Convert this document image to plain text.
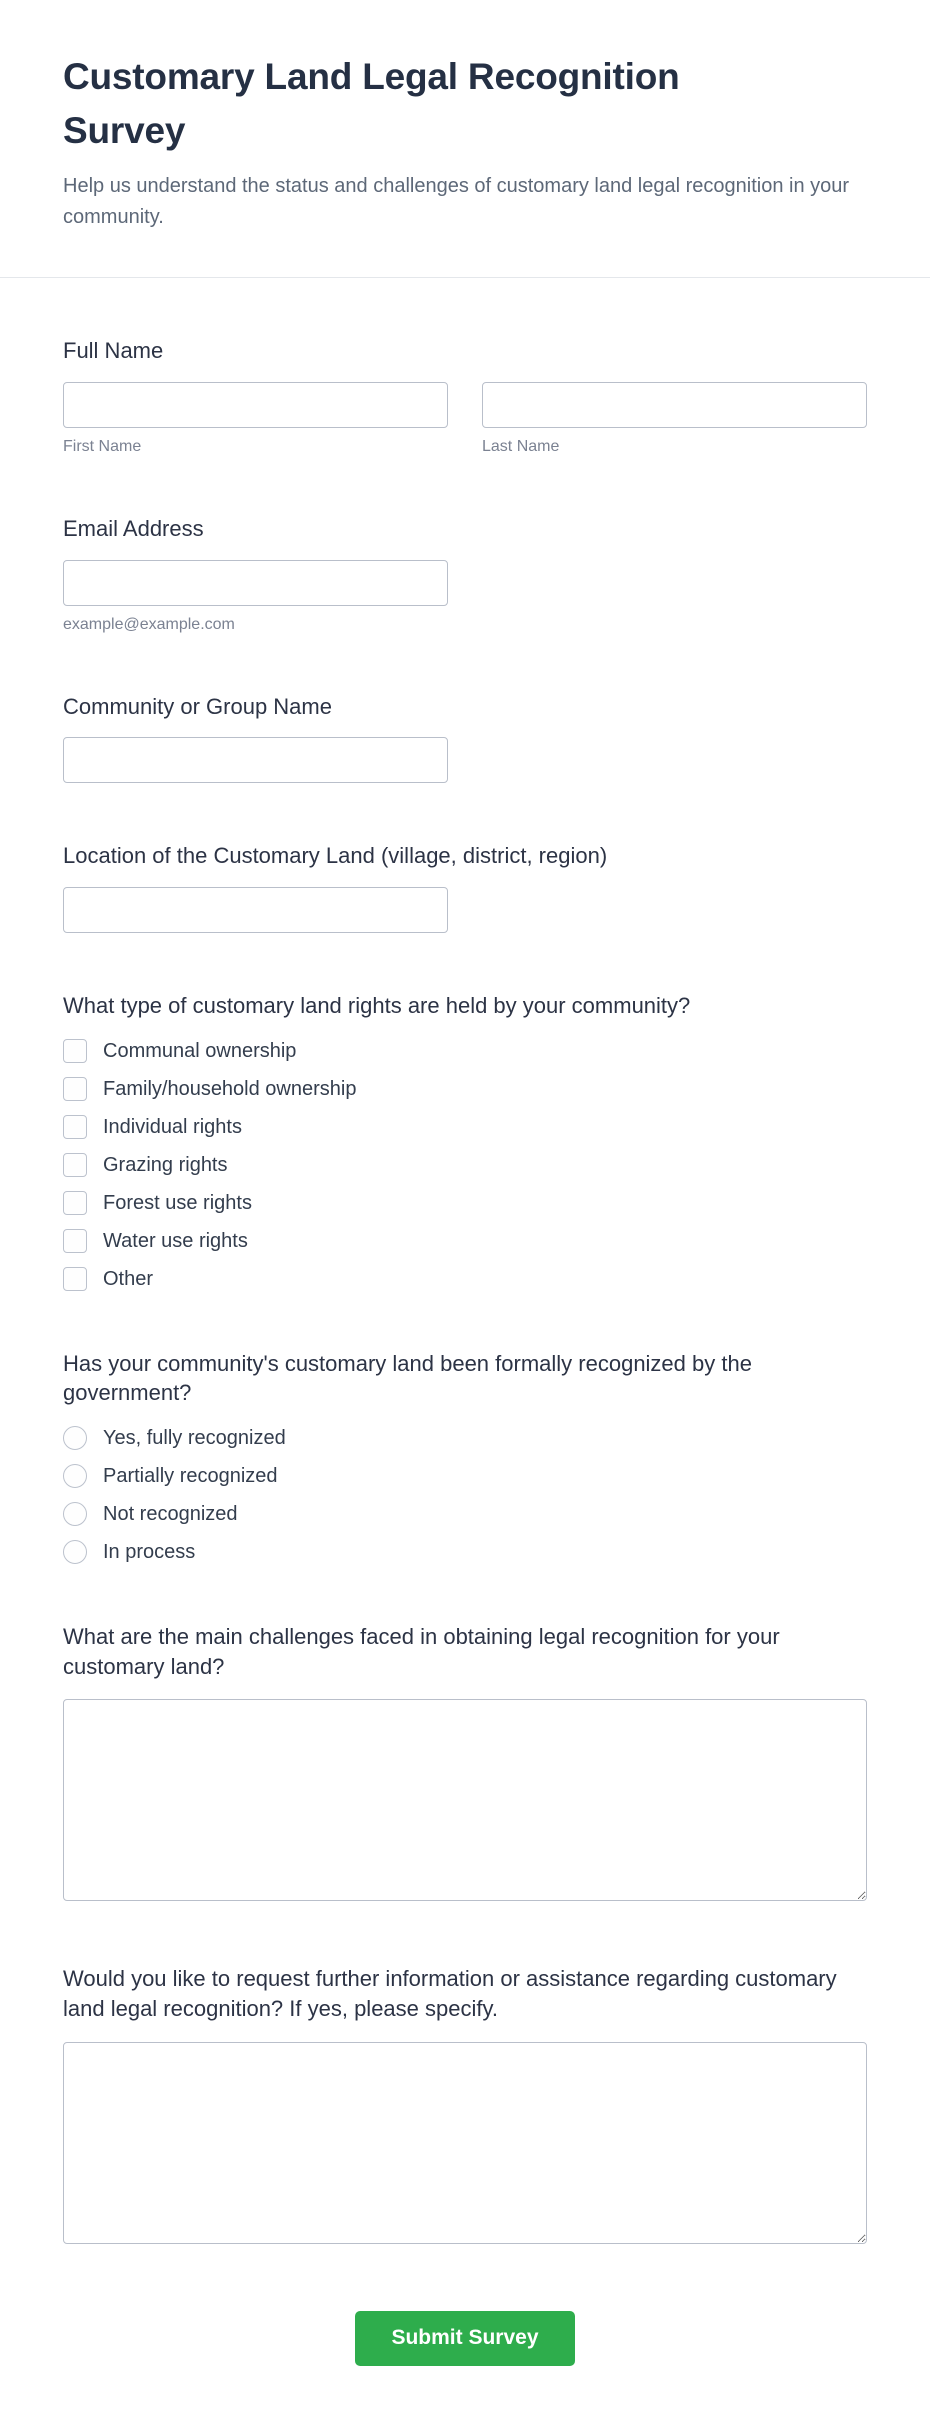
Customary Land Legal Recognition Survey

Help us understand the status and challenges of customary land legal recognition in your community.

Full Name
First Name	Last Name
Email Address
example@example.com
Community or Group Name
Location of the Customary Land (village, district, region)
What type of customary land rights are held by your community?
Communal ownership
Family/household ownership
Individual rights
Grazing rights
Forest use rights
Water use rights
Other
Has your community's customary land been formally recognized by the government?
Yes, fully recognized
Partially recognized
Not recognized
In process
What are the main challenges faced in obtaining legal recognition for your customary land?
Would you like to request further information or assistance regarding customary land legal recognition? If yes, please specify.
Submit Survey
